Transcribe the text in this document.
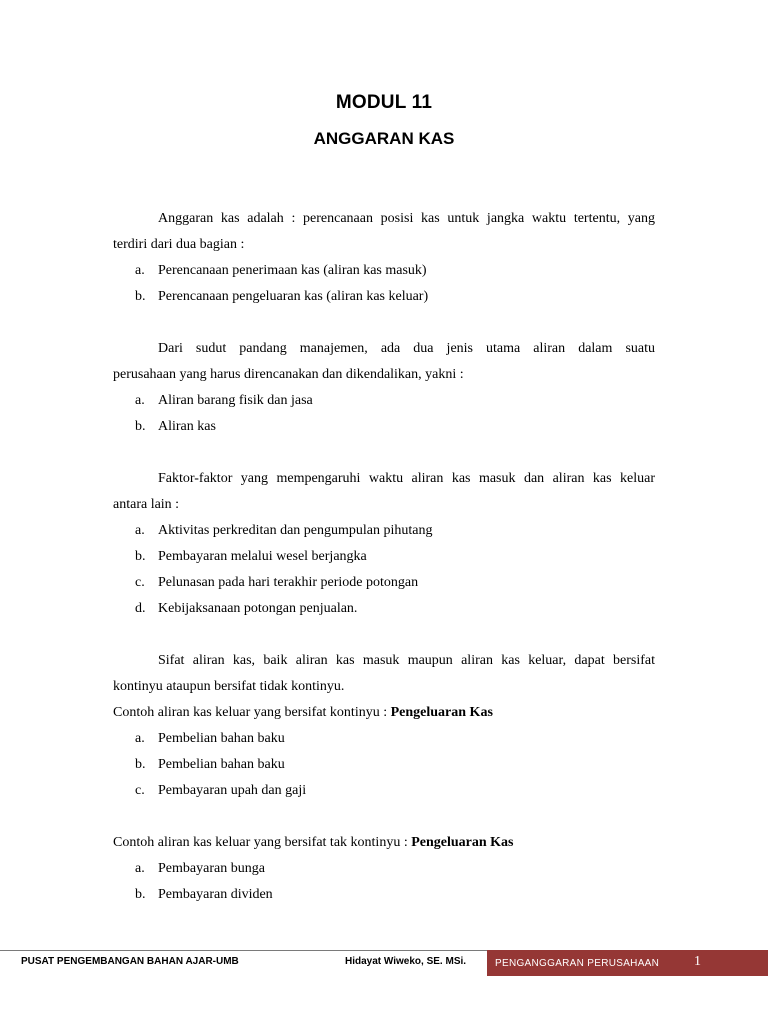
MODUL 11
ANGGARAN KAS
Anggaran kas adalah : perencanaan posisi kas untuk jangka waktu tertentu, yang
terdiri dari dua bagian :
a. Perencanaan penerimaan kas (aliran kas masuk)
b. Perencanaan pengeluaran kas (aliran kas keluar)
Dari sudut pandang manajemen, ada dua jenis utama aliran dalam suatu
perusahaan yang harus direncanakan dan dikendalikan, yakni :
a. Aliran barang fisik dan jasa
b. Aliran kas
Faktor-faktor yang mempengaruhi waktu aliran kas masuk dan aliran kas keluar
antara lain :
a. Aktivitas perkreditan dan pengumpulan pihutang
b. Pembayaran melalui wesel berjangka
c. Pelunasan pada hari terakhir periode potongan
d. Kebijaksanaan potongan penjualan.
Sifat aliran kas, baik aliran kas masuk maupun aliran kas keluar, dapat bersifat
kontinyu ataupun bersifat tidak kontinyu.
Contoh aliran kas keluar yang bersifat kontinyu : Pengeluaran Kas
a. Pembelian bahan baku
b. Pembelian bahan baku
c. Pembayaran upah dan gaji
Contoh aliran kas keluar yang bersifat tak kontinyu : Pengeluaran Kas
a. Pembayaran bunga
b. Pembayaran dividen
PUSAT PENGEMBANGAN BAHAN AJAR-UMB	Hidayat Wiweko, SE. MSi.	PENGANGGARAN PERUSAHAAN 1
